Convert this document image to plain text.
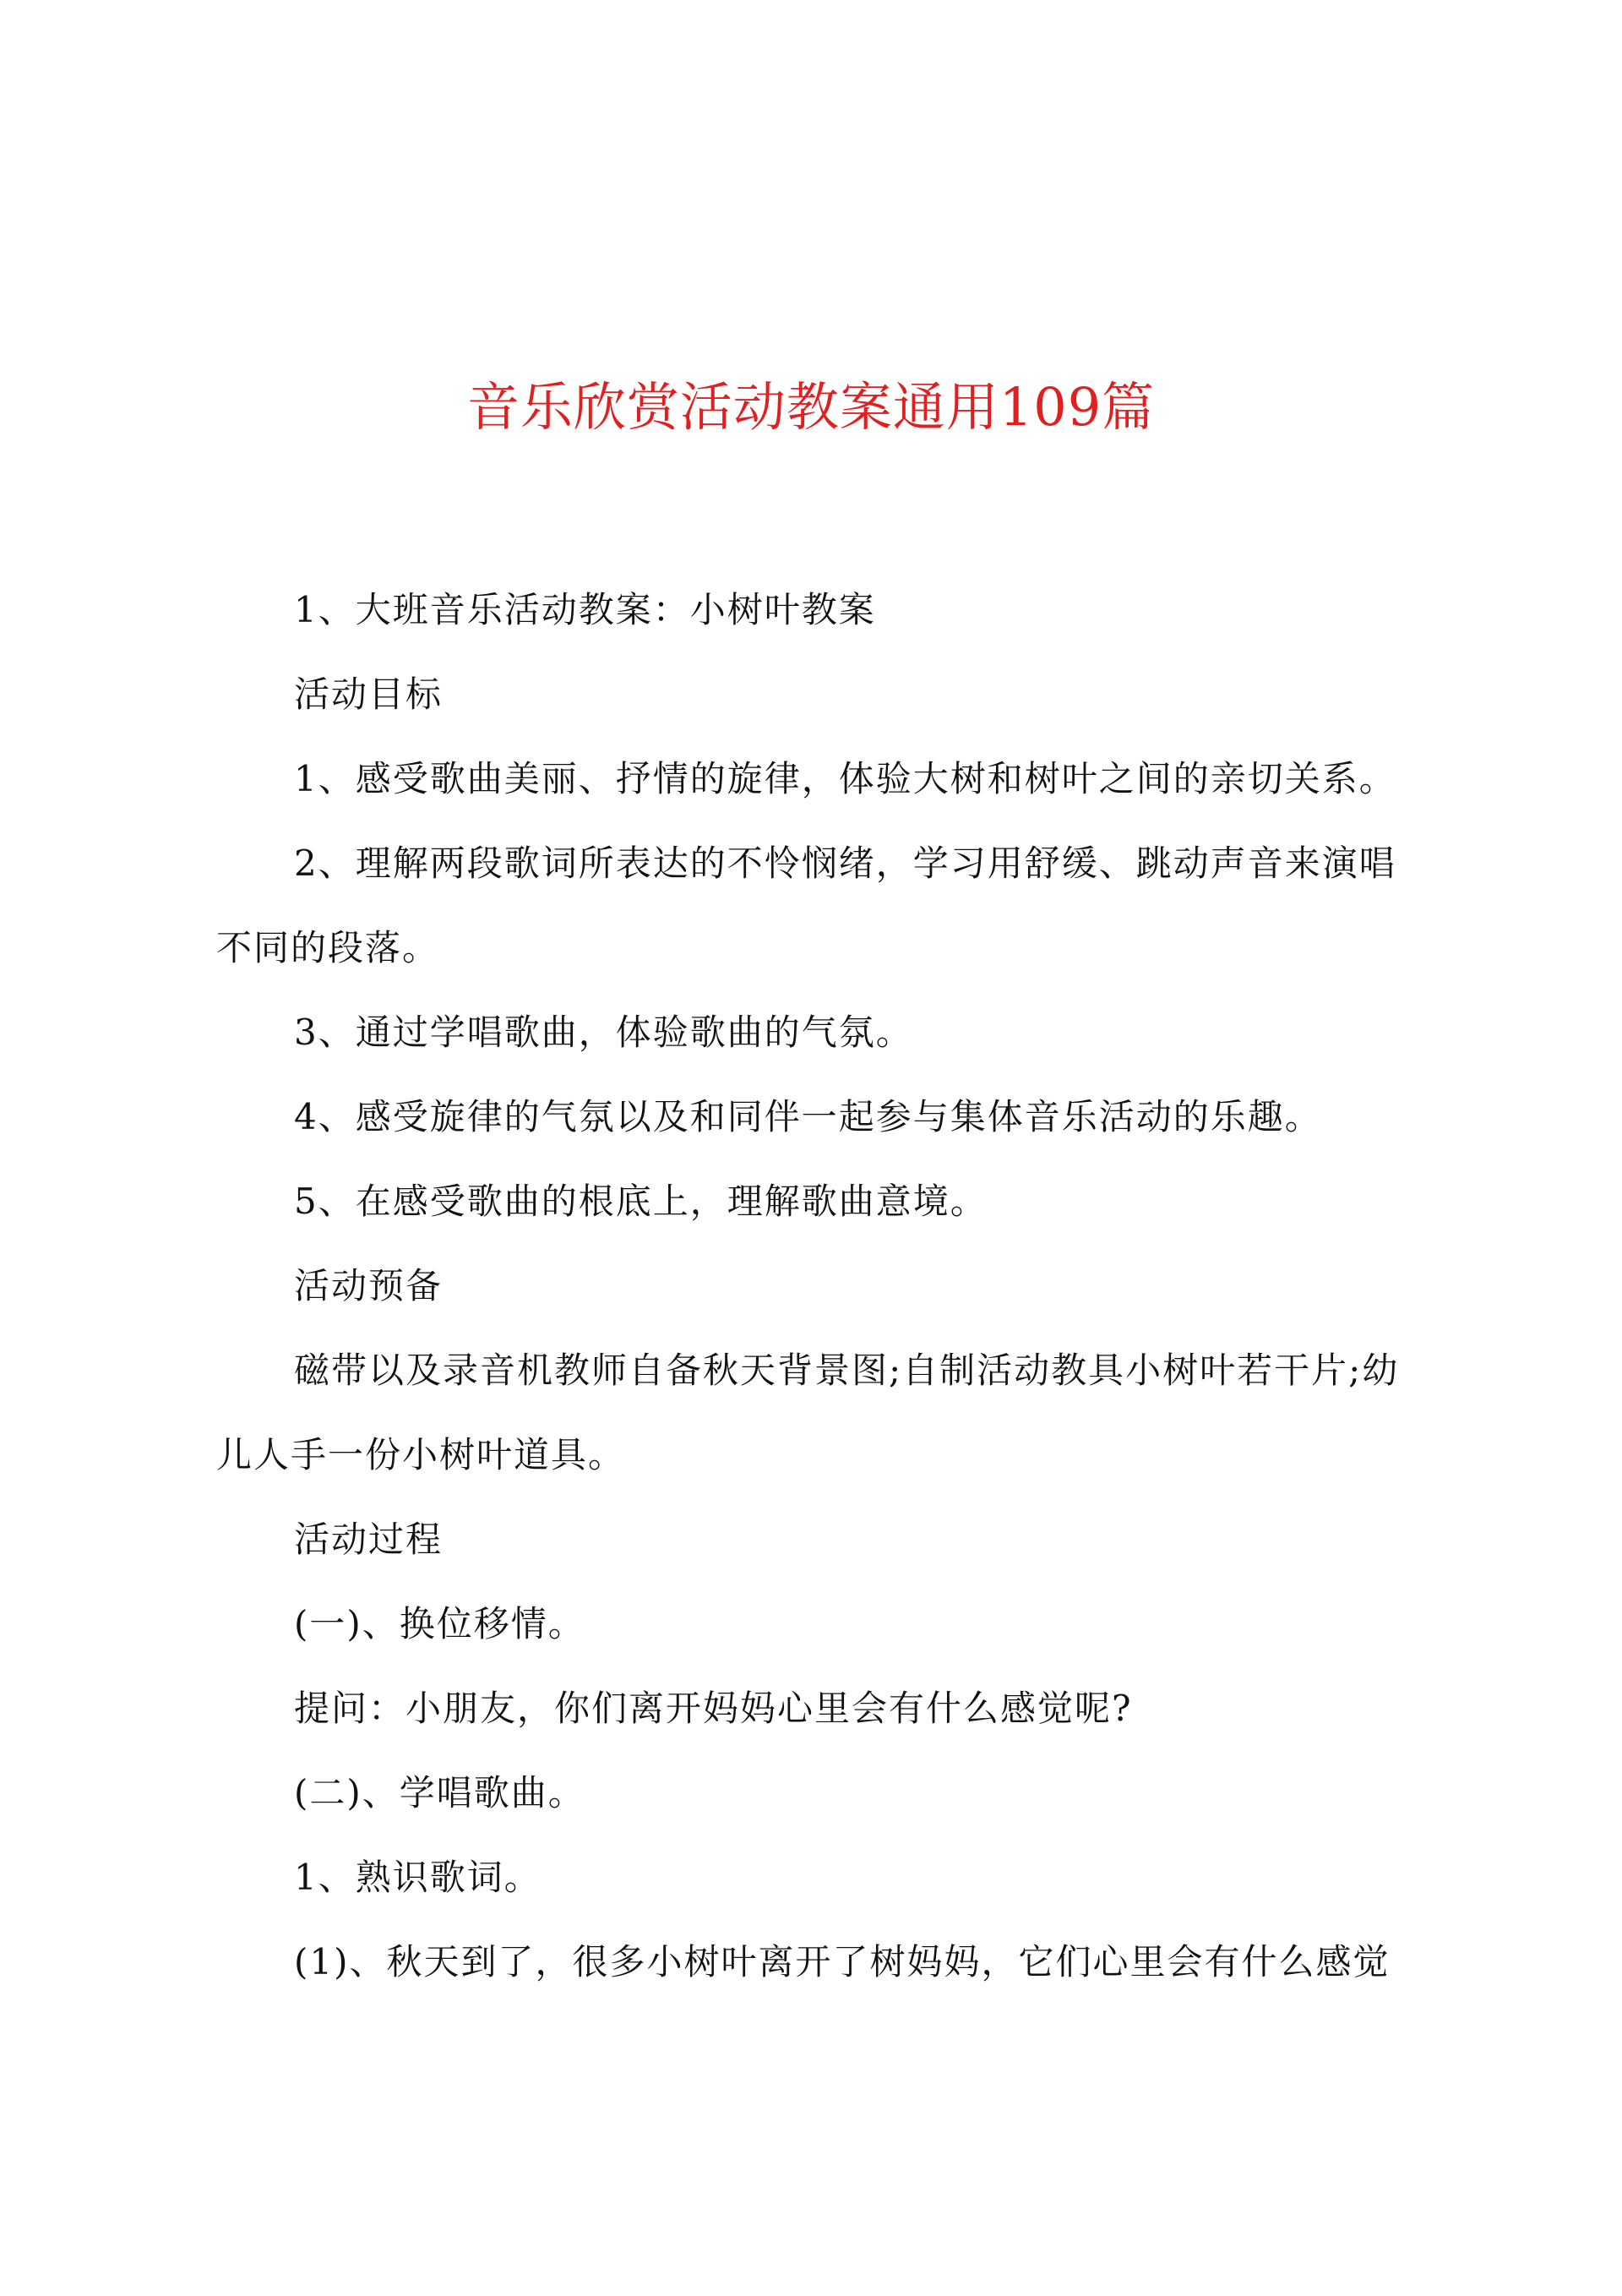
音乐欣赏活动教案通用109篇

1、大班音乐活动教案：小树叶教案

活动目标

1、感受歌曲美丽、抒情的旋律，体验大树和树叶之间的亲切关系。

2、理解两段歌词所表达的不怜悯绪，学习用舒缓、跳动声音来演唱不同的段落。

3、通过学唱歌曲，体验歌曲的气氛。

4、感受旋律的气氛以及和同伴一起参与集体音乐活动的乐趣。

5、在感受歌曲的根底上，理解歌曲意境。

活动预备

磁带以及录音机教师自备秋天背景图;自制活动教具小树叶若干片;幼儿人手一份小树叶道具。

活动过程

(一)、换位移情。

提问：小朋友，你们离开妈妈心里会有什么感觉呢?

(二)、学唱歌曲。

1、熟识歌词。

(1)、秋天到了，很多小树叶离开了树妈妈，它们心里会有什么感觉
